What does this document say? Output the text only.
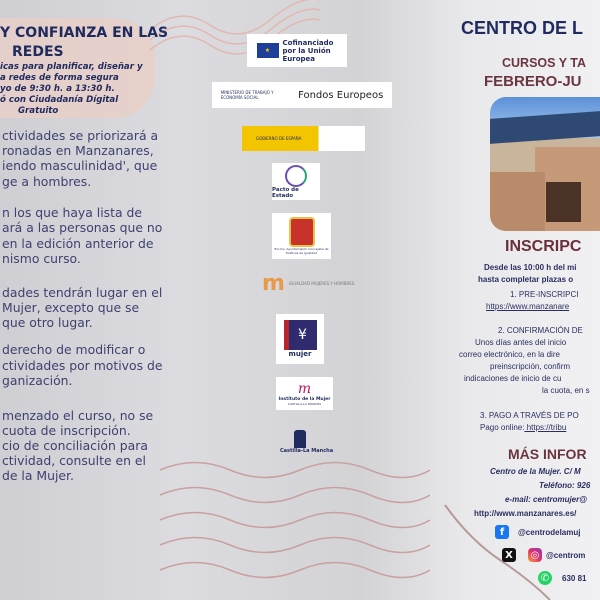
Y CONFIANZA EN LAS
REDES
icas para planificar, diseñar y
a redes de forma segura
yo de 9:30 h. a 13:30 h.
ó con Ciudadanía Dígital
Gratuito
ctividades se priorizará a
ronadas en Manzanares,
iendo masculinidad', que
ge a hombres.
n los que haya lista de
ará a las personas que no
en la edición anterior de
nismo curso.
dades tendrán lugar en el
Mujer, excepto que se
que otro lugar.
derecho de modificar o
ctividades por motivos de
ganización.
menzado el curso, no se
cuota de inscripción.
cio de conciliación para
ctividad, consulte en el
de la Mujer.
★
Cofinanciado por la Unión Europea
MINISTERIO DE TRABAJO Y ECONOMÍA SOCIAL	Fondos Europeos
GOBIERNO DE ESPAÑA
Pacto de Estado
Excmo. Ayuntamiento Concejalía de Políticas de Igualdad
m IGUALDAD MUJERES Y HOMBRES
¥
mujer
m
Instituto de la Mujer
CASTILLA-LA MANCHA
Castilla-La Mancha
CENTRO DE L
CURSOS Y TA
FEBRERO-JU
INSCRIPC
Desde las 10:00 h del mi
hasta completar plazas o
1. PRE-INSCRIPCI
https://www.manzanare
2. CONFIRMACIÓN DE
Unos días antes del inicio
correo electrónico, en la dire
preinscripción, confirm
indicaciones de inicio de cu
la cuota, en s
3. PAGO A TRAVÉS DE PO
Pago online: https://tribu
MÁS INFOR
Centro de la Mujer. C/ M
Teléfono: 926
e-mail: centromujer@
http://www.manzanares.es/
f	@centrodelamuj
X	◎ @centrom
✆	630 81
